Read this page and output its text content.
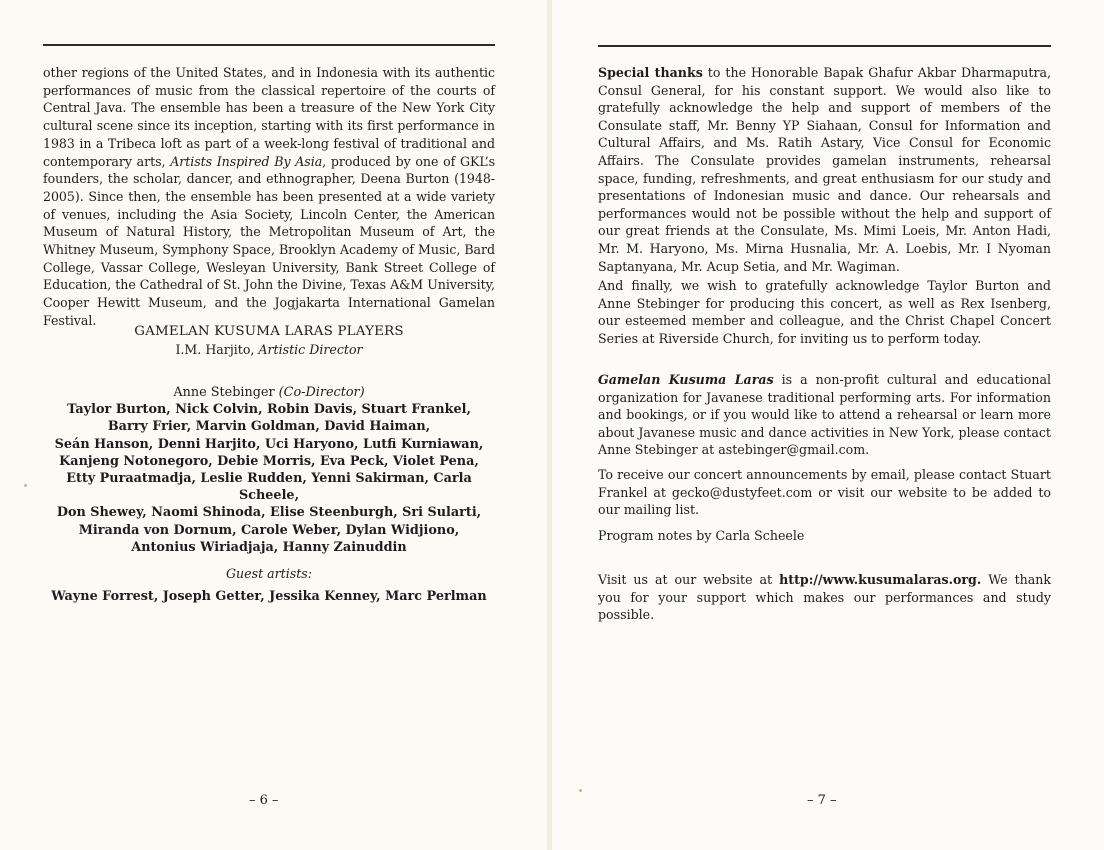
other regions of the United States, and in Indonesia with its authentic performances of music from the classical repertoire of the courts of Central Java. The ensemble has been a treasure of the New York City cultural scene since its inception, starting with its first performance in 1983 in a Tribeca loft as part of a week-long festival of traditional and contemporary arts, Artists Inspired By Asia, produced by one of GKL’s founders, the scholar, dancer, and ethnographer, Deena Burton (1948-2005). Since then, the ensemble has been presented at a wide variety of venues, including the Asia Society, Lincoln Center, the American Museum of Natural History, the Metropolitan Museum of Art, the Whitney Museum, Symphony Space, Brooklyn Academy of Music, Bard College, Vassar College, Wesleyan University, Bank Street College of Education, the Cathedral of St. John the Divine, Texas A&M University, Cooper Hewitt Museum, and the Jogjakarta International Gamelan Festival.
GAMELAN KUSUMA LARAS PLAYERS
I.M. Harjito, Artistic Director
Anne Stebinger (Co-Director)
Taylor Burton, Nick Colvin, Robin Davis, Stuart Frankel,
Barry Frier, Marvin Goldman, David Haiman,
Seán Hanson, Denni Harjito, Uci Haryono, Lutfi Kurniawan,
Kanjeng Notonegoro, Debie Morris, Eva Peck, Violet Pena,
Etty Puraatmadja, Leslie Rudden, Yenni Sakirman, Carla Scheele,
Don Shewey, Naomi Shinoda, Elise Steenburgh, Sri Sularti,
Miranda von Dornum, Carole Weber, Dylan Widjiono,
Antonius Wiriadjaja, Hanny Zainuddin
Guest artists:
Wayne Forrest, Joseph Getter, Jessika Kenney, Marc Perlman
– 6 –
Special thanks to the Honorable Bapak Ghafur Akbar Dharmaputra, Consul General, for his constant support. We would also like to gratefully acknowledge the help and support of members of the Consulate staff, Mr. Benny YP Siahaan, Consul for Information and Cultural Affairs, and Ms. Ratih Astary, Vice Consul for Economic Affairs. The Consulate provides gamelan instruments, rehearsal space, funding, refreshments, and great enthusiasm for our study and presentations of Indonesian music and dance. Our rehearsals and performances would not be possible without the help and support of our great friends at the Consulate, Ms. Mimi Loeis, Mr. Anton Hadi, Mr. M. Haryono, Ms. Mirna Husnalia, Mr. A. Loebis, Mr. I Nyoman Saptanyana, Mr. Acup Setia, and Mr. Wagiman.
And finally, we wish to gratefully acknowledge Taylor Burton and Anne Stebinger for producing this concert, as well as Rex Isenberg, our esteemed member and colleague, and the Christ Chapel Concert Series at Riverside Church, for inviting us to perform today.
Gamelan Kusuma Laras is a non-profit cultural and educational organization for Javanese traditional performing arts. For information and bookings, or if you would like to attend a rehearsal or learn more about Javanese music and dance activities in New York, please contact Anne Stebinger at astebinger@gmail.com.
To receive our concert announcements by email, please contact Stuart Frankel at gecko@dustyfeet.com or visit our website to be added to our mailing list.
Program notes by Carla Scheele
Visit us at our website at http://www.kusumalaras.org. We thank you for your support which makes our performances and study possible.
– 7 –
